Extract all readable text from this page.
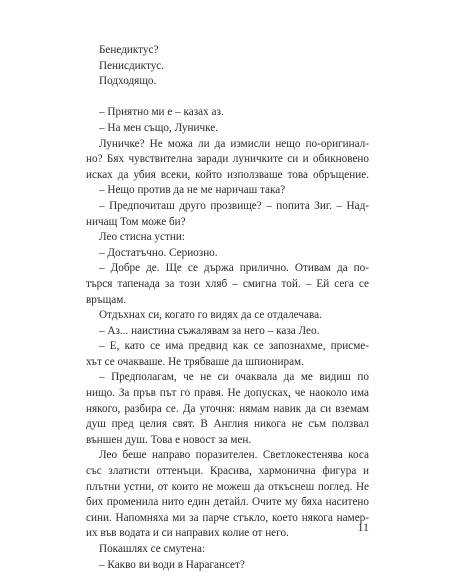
Бенедиктус?
Пенисдиктус.
Подходящо.
– Приятно ми е – казах аз.
– На мен също, Луничке.
Луничке? Не можа ли да измисли нещо по-оригинал-
но? Бях чувствителна заради луничките си и обикновено
исках да убия всеки, който използваше това обръщение.
– Нещо против да не ме наричаш така?
– Предпочиташ друго прозвище? – попита Зиг. – Над-
ничащ Том може би?
Лео стисна устни:
– Достатъчно. Сериозно.
– Добре де. Ще се държа прилично. Отивам да по-
търся тапенада за този хляб – смигна той. – Ей сега се
връщам.
Отдъхнах си, когато го видях да се отдалечава.
– Аз... наистина съжалявам за него – каза Лео.
– Е, като се има предвид как се запознахме, присме-
хът се очакваше. Не трябваше да шпионирам.
– Предполагам, че не си очаквала да ме видиш по
нищо. За пръв път го правя. Не допусках, че наоколо има
някого, разбира се. Да уточня: нямам навик да си вземам
душ пред целия свят. В Англия никога не съм ползвал
външен душ. Това е новост за мен.
Лео беше направо поразителен. Светлокестенява коса
със златисти оттенъци. Красива, хармонична фигура и
плътни устни, от които не можеш да откъснеш поглед. Не
бих променила нито един детайл. Очите му бяха наситено
сини. Напомняха ми за парче стъкло, което някога намер-
их във водата и си направих колие от него.
Покашлях се смутена:
– Какво ви води в Нарагансет?
11
